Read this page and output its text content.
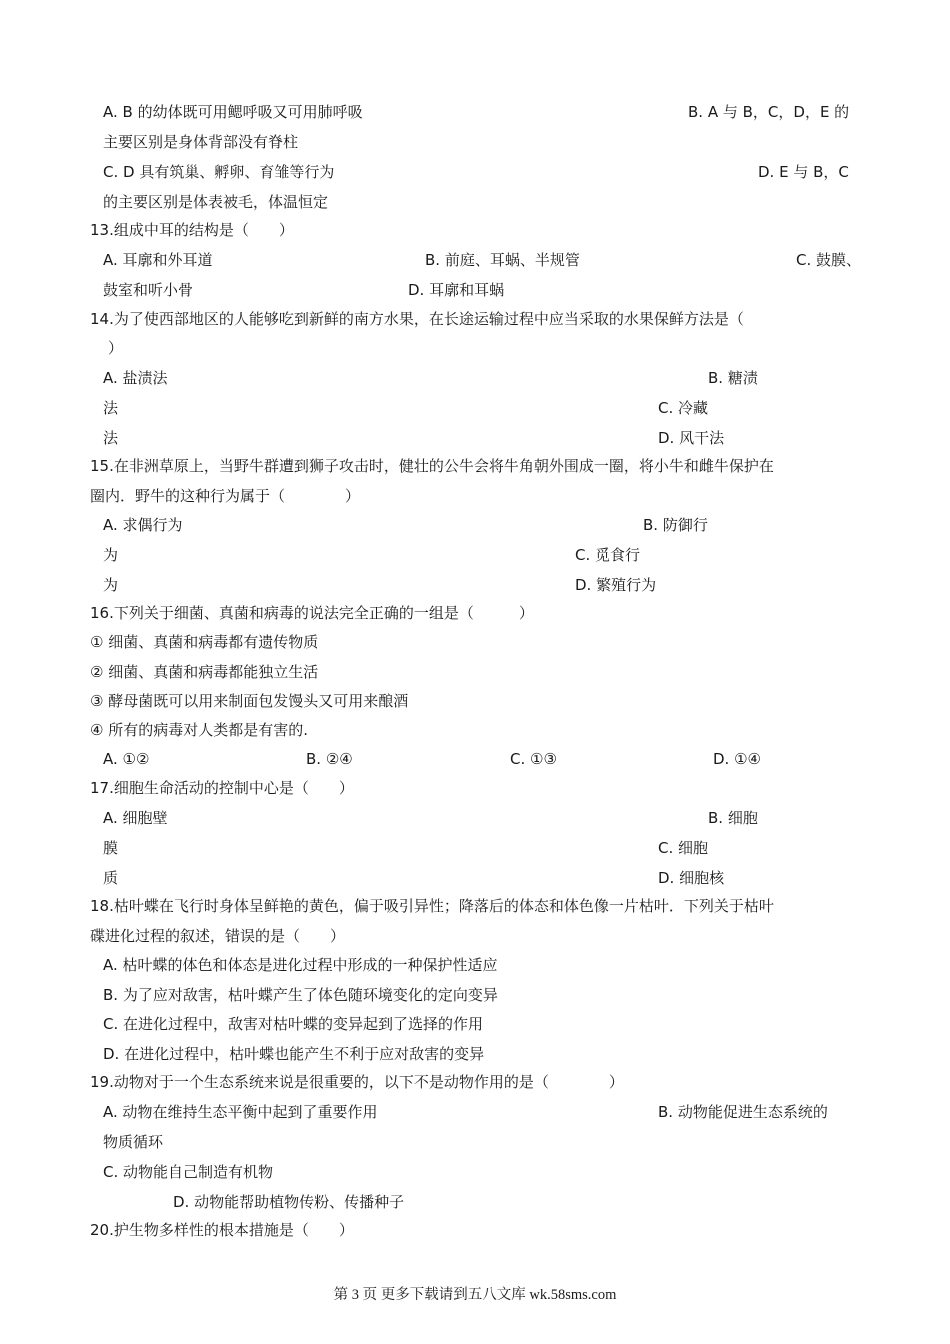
A. B 的幼体既可用鳃呼吸又可用肺呼吸	B. A 与 B，C，D，E 的
主要区别是身体背部没有脊柱
C. D 具有筑巢、孵卵、育雏等行为	D. E 与 B，C
的主要区别是体表被毛，体温恒定
13.组成中耳的结构是（　　）
A. 耳廓和外耳道	B. 前庭、耳蜗、半规管	C. 鼓膜、
鼓室和听小骨	D. 耳廓和耳蜗
14.为了使西部地区的人能够吃到新鲜的南方水果，在长途运输过程中应当采取的水果保鲜方法是（
）
A. 盐渍法	B. 糖渍
法	C. 冷藏
法	D. 风干法
15.在非洲草原上，当野牛群遭到狮子攻击时，健壮的公牛会将牛角朝外围成一圈，将小牛和雌牛保护在
圈内．野牛的这种行为属于（　　　　）
A. 求偶行为	B. 防御行
为	C. 觅食行
为	D. 繁殖行为
16.下列关于细菌、真菌和病毒的说法完全正确的一组是（　　　）
① 细菌、真菌和病毒都有遗传物质
② 细菌、真菌和病毒都能独立生活
③ 酵母菌既可以用来制面包发馒头又可用来酿酒
④ 所有的病毒对人类都是有害的.
A. ①②	B. ②④	C. ①③	D. ①④
17.细胞生命活动的控制中心是（　　）
A. 细胞壁	B. 细胞
膜	C. 细胞
质	D. 细胞核
18.枯叶蝶在飞行时身体呈鲜艳的黄色，偏于吸引异性；降落后的体态和体色像一片枯叶．下列关于枯叶
碟进化过程的叙述，错误的是（　　）
A. 枯叶蝶的体色和体态是进化过程中形成的一种保护性适应
B. 为了应对敌害，枯叶蝶产生了体色随环境变化的定向变异
C. 在进化过程中，敌害对枯叶蝶的变异起到了选择的作用
D. 在进化过程中，枯叶蝶也能产生不利于应对敌害的变异
19.动物对于一个生态系统来说是很重要的，以下不是动物作用的是（　　　　）
A. 动物在维持生态平衡中起到了重要作用	B. 动物能促进生态系统的
物质循环
C. 动物能自己制造有机物
D. 动物能帮助植物传粉、传播种子
20.护生物多样性的根本措施是（　　）
第 3 页 更多下载请到五八文库 wk.58sms.com
